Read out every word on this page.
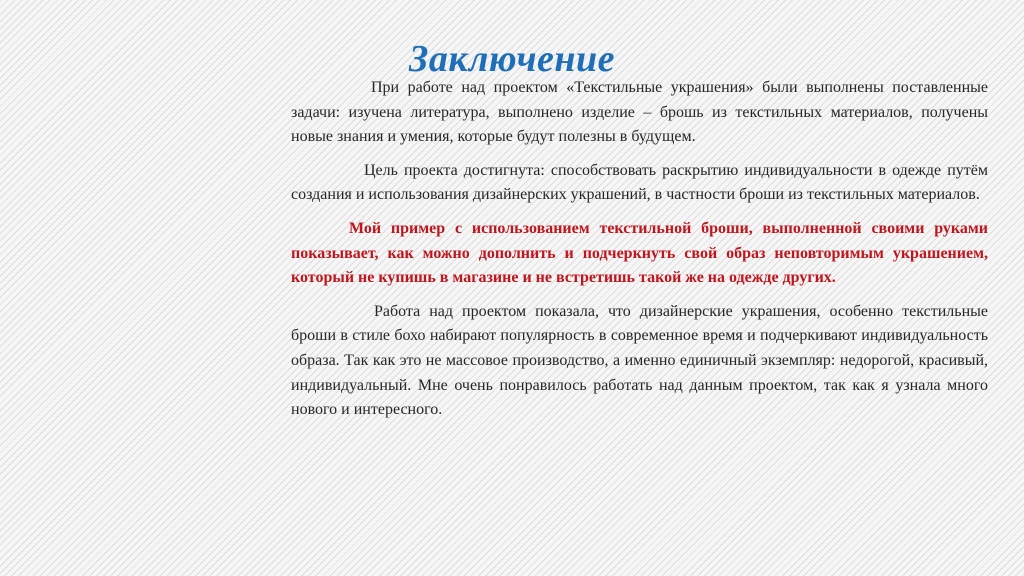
Заключение

При работе над проектом «Текстильные украшения» были выполнены поставленные задачи: изучена литература, выполнено изделие – брошь из текстильных материалов, получены новые знания и умения, которые будут полезны в будущем.

Цель проекта достигнута: способствовать раскрытию индивидуальности в одежде путём создания и использования дизайнерских украшений, в частности броши из текстильных материалов.

Мой пример с использованием текстильной броши, выполненной своими руками показывает, как можно дополнить и подчеркнуть свой образ неповторимым украшением, который не купишь в магазине и не встретишь такой же на одежде других.

Работа над проектом показала, что дизайнерские украшения, особенно текстильные броши в стиле бохо набирают популярность в современное время и подчеркивают индивидуальность образа. Так как это не массовое производство, а именно единичный экземпляр: недорогой, красивый, индивидуальный. Мне очень понравилось работать над данным проектом, так как я узнала много нового и интересного.
